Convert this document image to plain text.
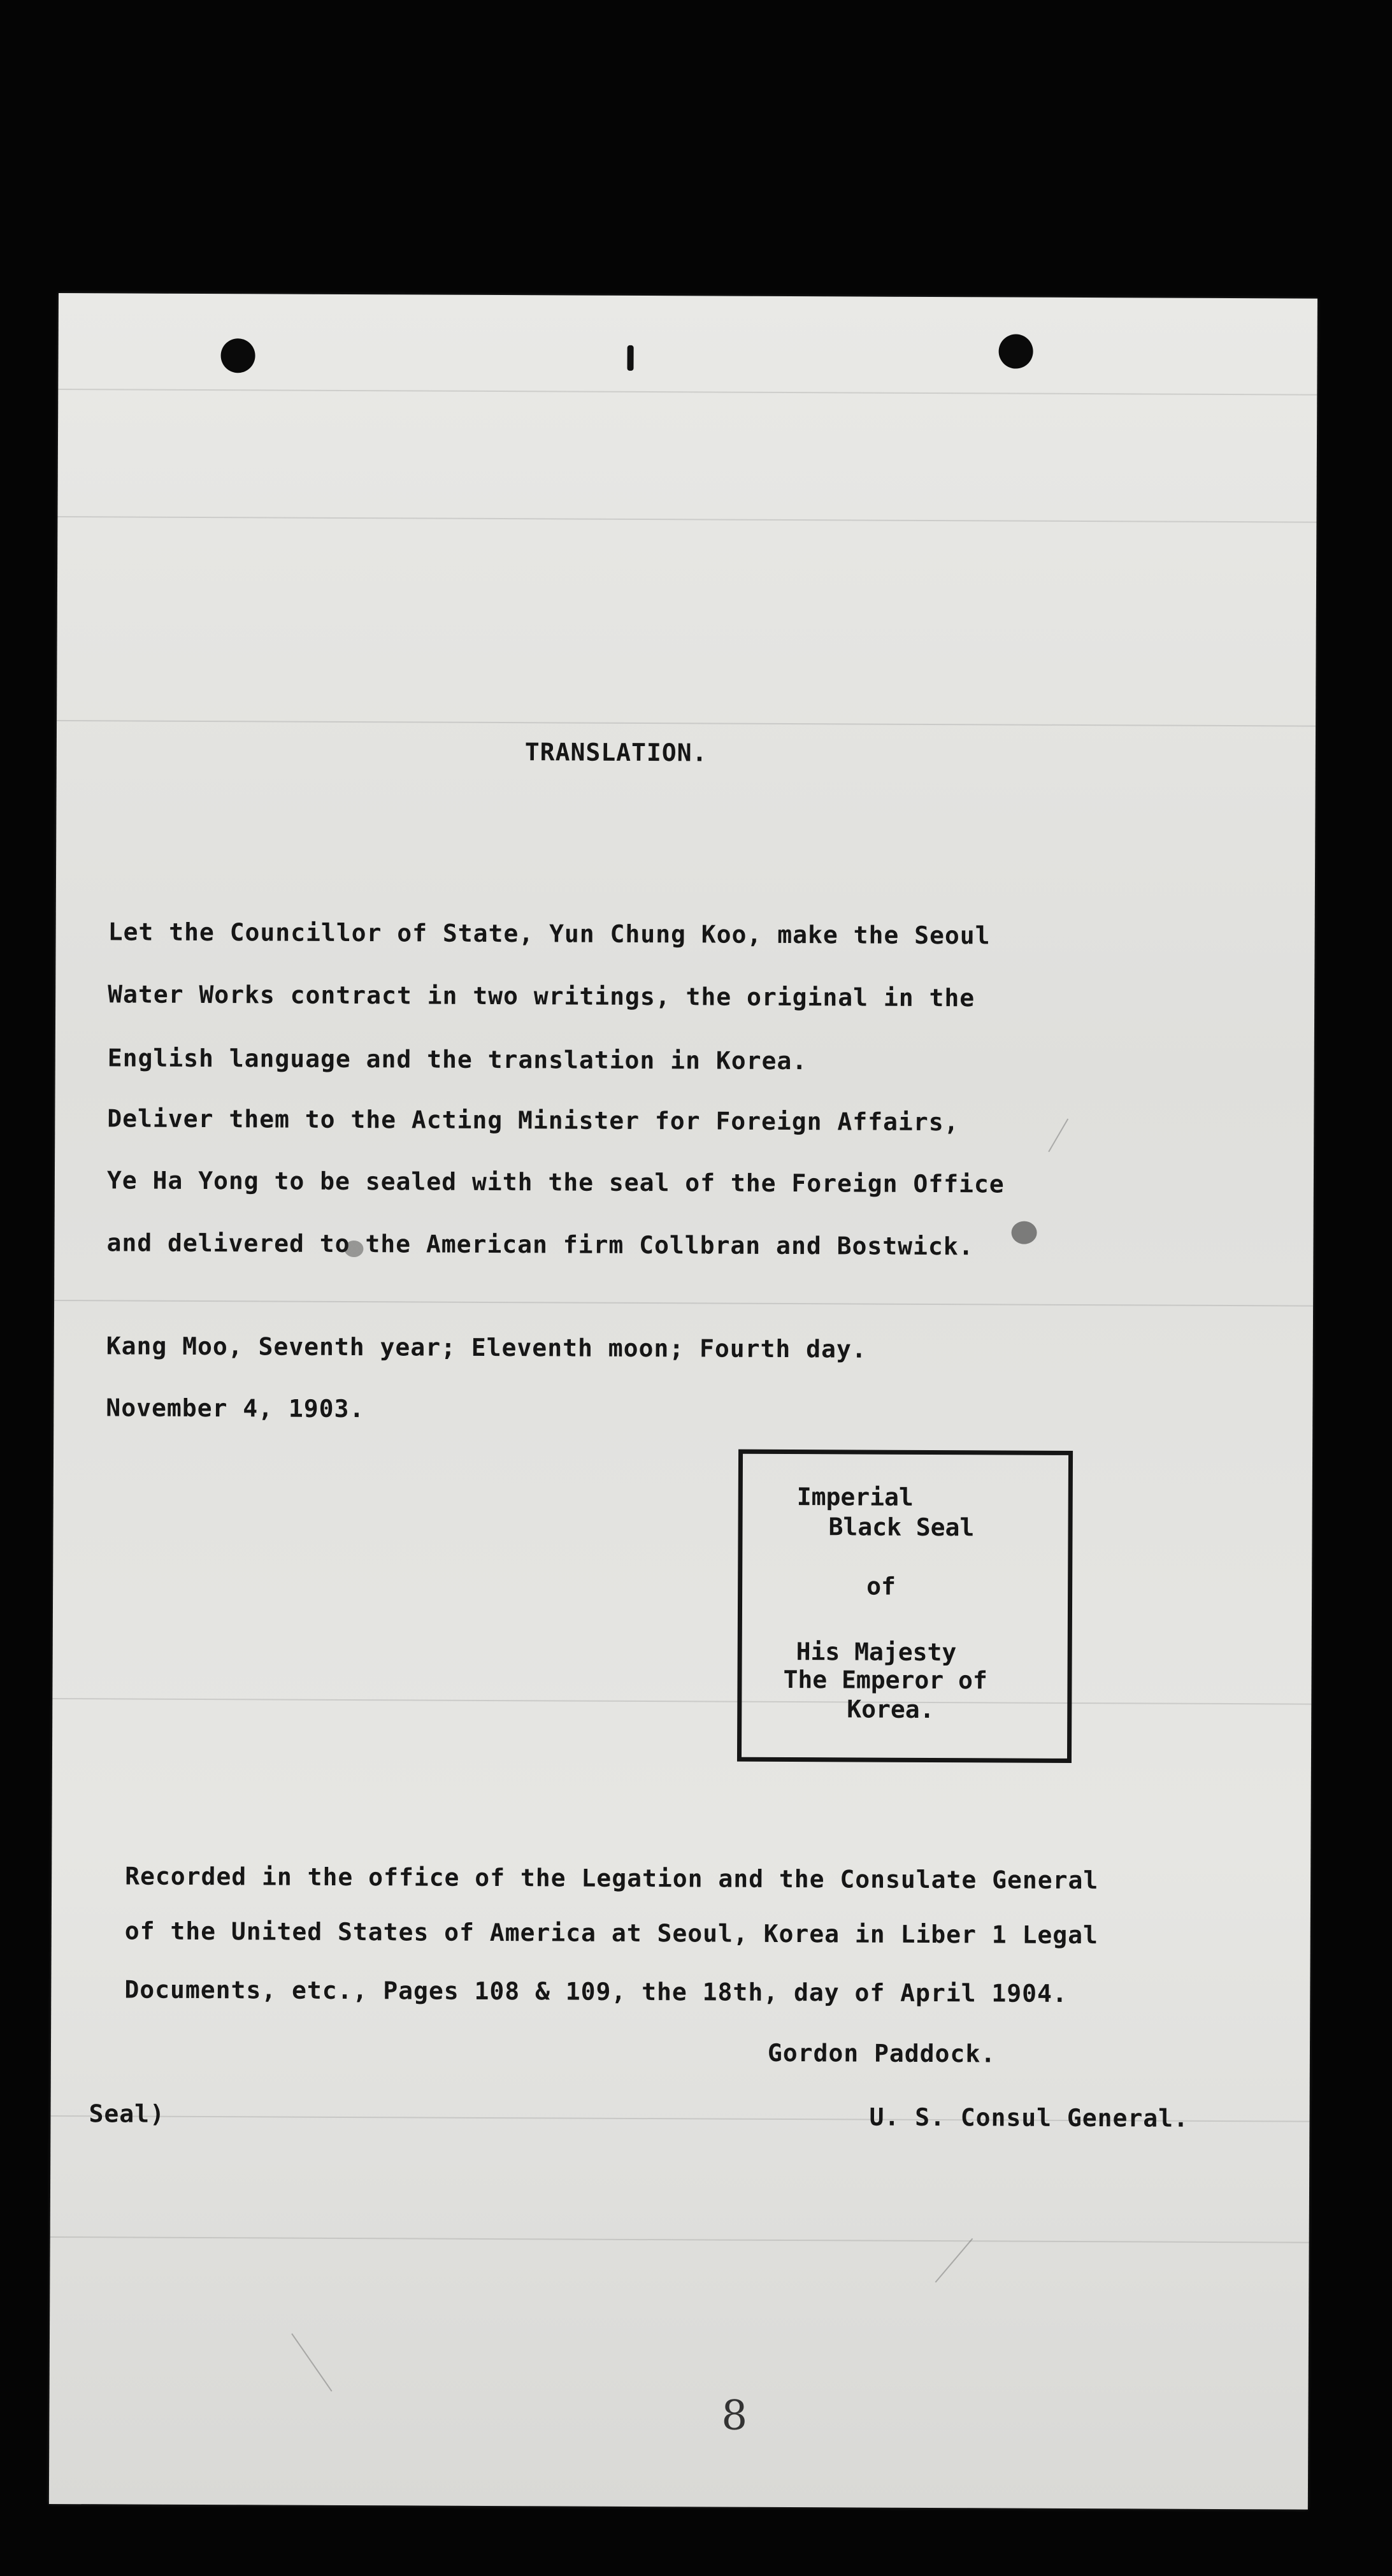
TRANSLATION.
Let the Councillor of State, Yun Chung Koo, make the Seoul
Water Works contract in two writings, the original in the
English language and the translation in Korea.
Deliver them to the Acting Minister for Foreign Affairs,
Ye Ha Yong to be sealed with the seal of the Foreign Office
and delivered to the American firm Collbran and Bostwick.
Kang Moo, Seventh year; Eleventh moon; Fourth day.
November 4, 1903.
Imperial
Black Seal
of
His Majesty
The Emperor of
Korea.
Recorded in the office of the Legation and the Consulate General
of the United States of America at Seoul, Korea in Liber 1 Legal
Documents, etc., Pages 108 & 109, the 18th, day of April 1904.
Gordon Paddock.
Seal)	U. S. Consul General.
8
